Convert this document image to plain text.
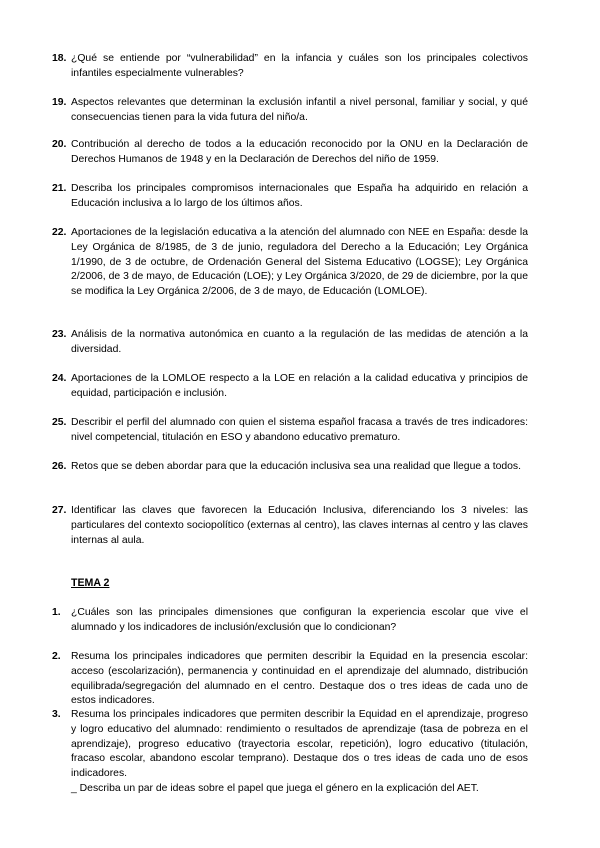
18. ¿Qué se entiende por “vulnerabilidad” en la infancia y cuáles son los principales colectivos infantiles especialmente vulnerables?
19. Aspectos relevantes que determinan la exclusión infantil a nivel personal, familiar y social, y qué consecuencias tienen para la vida futura del niño/a.
20. Contribución al derecho de todos a la educación reconocido por la ONU en la Declaración de Derechos Humanos de 1948 y en la Declaración de Derechos del niño de 1959.
21. Describa los principales compromisos internacionales que España ha adquirido en relación a Educación inclusiva a lo largo de los últimos años.
22. Aportaciones de la legislación educativa a la atención del alumnado con NEE en España: desde la Ley Orgánica de 8/1985, de 3 de junio, reguladora del Derecho a la Educación; Ley Orgánica 1/1990, de 3 de octubre, de Ordenación General del Sistema Educativo (LOGSE); Ley Orgánica 2/2006, de 3 de mayo, de Educación (LOE); y Ley Orgánica 3/2020, de 29 de diciembre, por la que se modifica la Ley Orgánica 2/2006, de 3 de mayo, de Educación (LOMLOE).
23. Análisis de la normativa autonómica en cuanto a la regulación de las medidas de atención a la diversidad.
24. Aportaciones de la LOMLOE respecto a la LOE en relación a la calidad educativa y principios de equidad, participación e inclusión.
25. Describir el perfil del alumnado con quien el sistema español fracasa a través de tres indicadores: nivel competencial, titulación en ESO y abandono educativo prematuro.
26. Retos que se deben abordar para que la educación inclusiva sea una realidad que llegue a todos.
27. Identificar las claves que favorecen la Educación Inclusiva, diferenciando los 3 niveles: las particulares del contexto sociopolítico (externas al centro), las claves internas al centro y las claves internas al aula.
TEMA 2
1. ¿Cuáles son las principales dimensiones que configuran la experiencia escolar que vive el alumnado y los indicadores de inclusión/exclusión que lo condicionan?
2. Resuma los principales indicadores que permiten describir la Equidad en la presencia escolar: acceso (escolarización), permanencia y continuidad en el aprendizaje del alumnado, distribución equilibrada/segregación del alumnado en el centro. Destaque dos o tres ideas de cada uno de estos indicadores.
3. Resuma los principales indicadores que permiten describir la Equidad en el aprendizaje, progreso y logro educativo del alumnado: rendimiento o resultados de aprendizaje (tasa de pobreza en el aprendizaje), progreso educativo (trayectoria escolar, repetición), logro educativo (titulación, fracaso escolar, abandono escolar temprano). Destaque dos o tres ideas de cada uno de esos indicadores.
_ Describa un par de ideas sobre el papel que juega el género en la explicación del AET.
